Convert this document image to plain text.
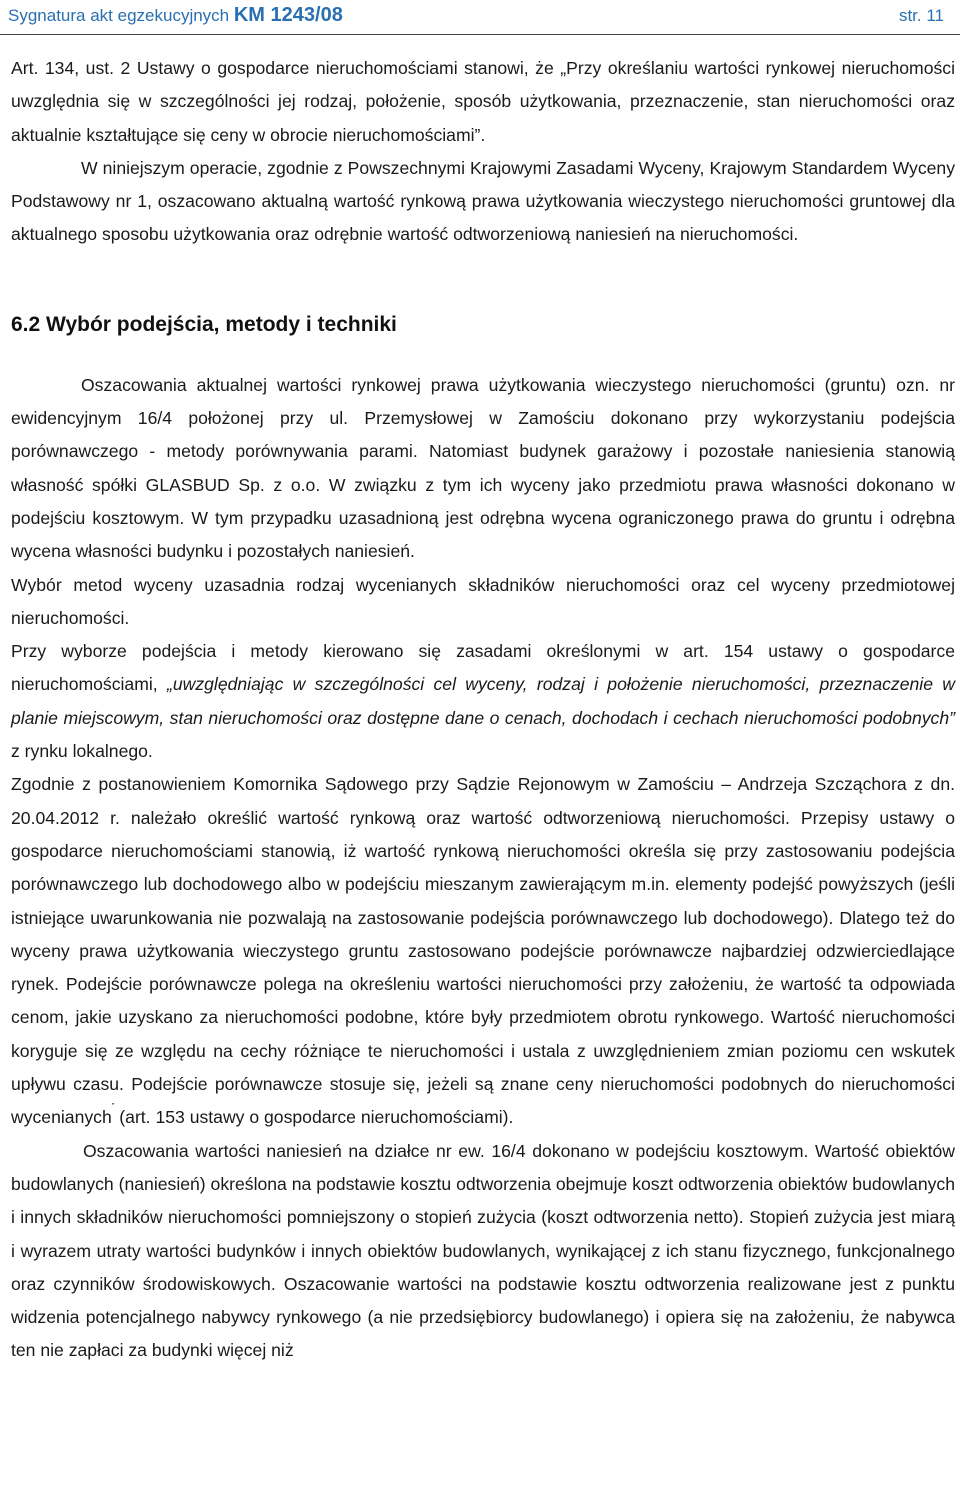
Sygnatura akt egzekucyjnych KM 1243/08	str. 11

Art. 134, ust. 2 Ustawy o gospodarce nieruchomościami stanowi, że „Przy określaniu wartości rynkowej nieruchomości uwzględnia się w szczególności jej rodzaj, położenie, sposób użytkowania, przeznaczenie, stan nieruchomości oraz aktualnie kształtujące się ceny w obrocie nieruchomościami”.

W niniejszym operacie, zgodnie z Powszechnymi Krajowymi Zasadami Wyceny, Krajowym Standardem Wyceny Podstawowy nr 1, oszacowano aktualną wartość rynkową prawa użytkowania wieczystego nieruchomości gruntowej dla aktualnego sposobu użytkowania oraz odrębnie wartość odtworzeniową naniesień na nieruchomości.

6.2 Wybór podejścia, metody i techniki

Oszacowania aktualnej wartości rynkowej prawa użytkowania wieczystego nieruchomości (gruntu) ozn. nr ewidencyjnym 16/4 położonej przy ul. Przemysłowej w Zamościu dokonano przy wykorzystaniu podejścia porównawczego - metody porównywania parami. Natomiast budynek garażowy i pozostałe naniesienia stanowią własność spółki GLASBUD Sp. z o.o. W związku z tym ich wyceny jako przedmiotu prawa własności dokonano w podejściu kosztowym. W tym przypadku uzasadnioną jest odrębna wycena ograniczonego prawa do gruntu i odrębna wycena własności budynku i pozostałych naniesień.

Wybór metod wyceny uzasadnia rodzaj wycenianych składników nieruchomości oraz cel wyceny przedmiotowej nieruchomości.

Przy wyborze podejścia i metody kierowano się zasadami określonymi w art. 154 ustawy o gospodarce nieruchomościami, „uwzględniając w szczególności cel wyceny, rodzaj i położenie nieruchomości, przeznaczenie w planie miejscowym, stan nieruchomości oraz dostępne dane o cenach, dochodach i cechach nieruchomości podobnych” z rynku lokalnego.

Zgodnie z postanowieniem Komornika Sądowego przy Sądzie Rejonowym w Zamościu – Andrzeja Szcząchora z dn. 20.04.2012 r. należało określić wartość rynkową oraz wartość odtworzeniową nieruchomości. Przepisy ustawy o gospodarce nieruchomościami stanowią, iż wartość rynkową nieruchomości określa się przy zastosowaniu podejścia porównawczego lub dochodowego albo w podejściu mieszanym zawierającym m.in. elementy podejść powyższych (jeśli istniejące uwarunkowania nie pozwalają na zastosowanie podejścia porównawczego lub dochodowego). Dlatego też do wyceny prawa użytkowania wieczystego gruntu zastosowano podejście porównawcze najbardziej odzwierciedlające rynek. Podejście porównawcze polega na określeniu wartości nieruchomości przy założeniu, że wartość ta odpowiada cenom, jakie uzyskano za nieruchomości podobne, które były przedmiotem obrotu rynkowego. Wartość nieruchomości koryguje się ze względu na cechy różniące te nieruchomości i ustala z uwzględnieniem zmian poziomu cen wskutek upływu czasu. Podejście porównawcze stosuje się, jeżeli są znane ceny nieruchomości podobnych do nieruchomości wycenianych” (art. 153 ustawy o gospodarce nieruchomościami).

Oszacowania wartości naniesień na działce nr ew. 16/4 dokonano w podejściu kosztowym. Wartość obiektów budowlanych (naniesień) określona na podstawie kosztu odtworzenia obejmuje koszt odtworzenia obiektów budowlanych i innych składników nieruchomości pomniejszony o stopień zużycia (koszt odtworzenia netto). Stopień zużycia jest miarą i wyrazem utraty wartości budynków i innych obiektów budowlanych, wynikającej z ich stanu fizycznego, funkcjonalnego oraz czynników środowiskowych. Oszacowanie wartości na podstawie kosztu odtworzenia realizowane jest z punktu widzenia potencjalnego nabywcy rynkowego (a nie przedsiębiorcy budowlanego) i opiera się na założeniu, że nabywca ten nie zapłaci za budynki więcej niż
